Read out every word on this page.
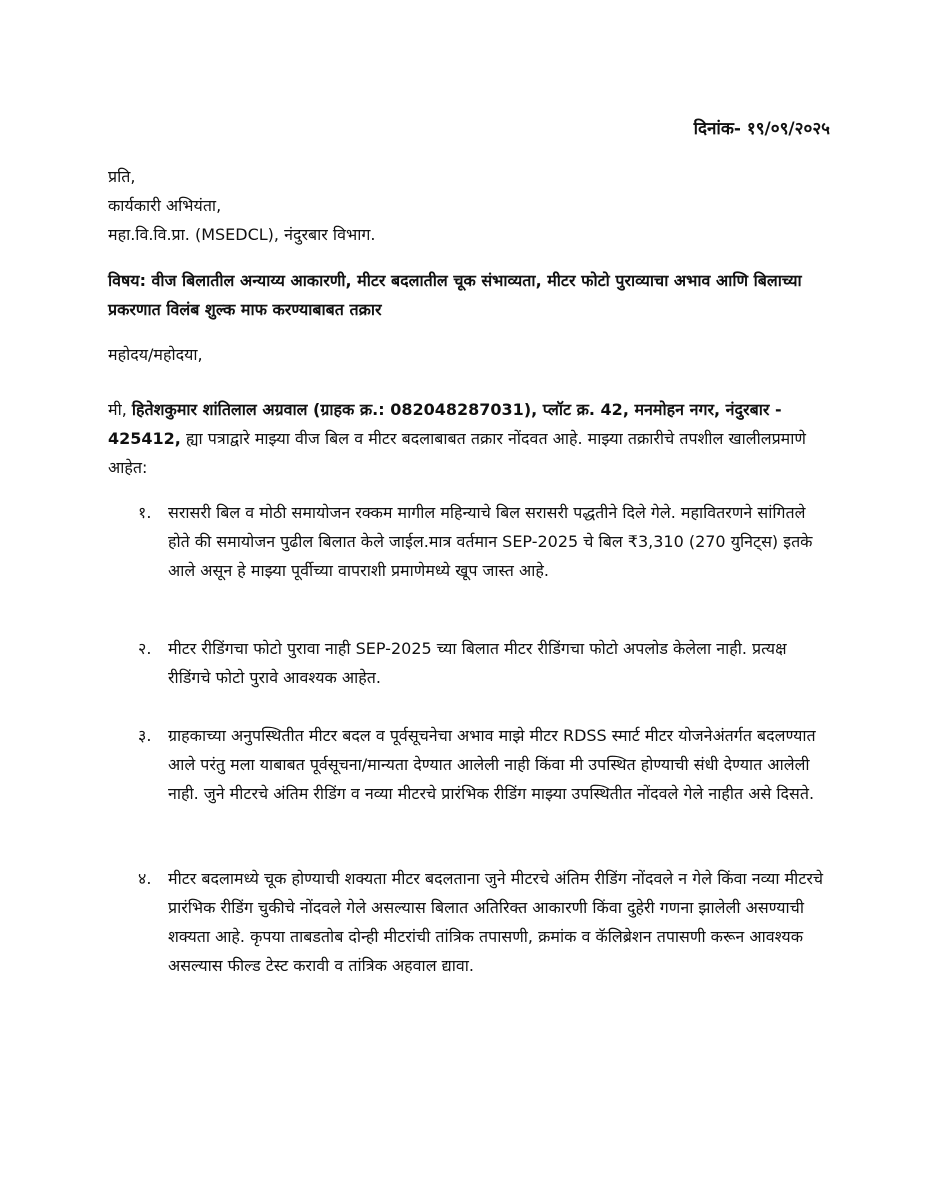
दिनांक- १९/०९/२०२५
प्रति,
कार्यकारी अभियंता,
महा.वि.वि.प्रा. (MSEDCL), नंदुरबार विभाग.
विषय: वीज बिलातील अन्याय्य आकारणी, मीटर बदलातील चूक संभाव्यता, मीटर फोटो पुराव्याचा अभाव आणि बिलाच्या प्रकरणात विलंब शुल्क माफ करण्याबाबत तक्रार
महोदय/महोदया,
मी, हितेशकुमार शांतिलाल अग्रवाल (ग्राहक क्र.: 082048287031), प्लॉट क्र. 42, मनमोहन नगर, नंदुरबार - 425412, ह्या पत्राद्वारे माझ्या वीज बिल व मीटर बदलाबाबत तक्रार नोंदवत आहे. माझ्या तक्रारीचे तपशील खालीलप्रमाणे आहेत:
१. सरासरी बिल व मोठी समायोजन रक्कम मागील महिन्याचे बिल सरासरी पद्धतीने दिले गेले. महावितरणने सांगितले होते की समायोजन पुढील बिलात केले जाईल.मात्र वर्तमान SEP-2025 चे बिल ₹3,310 (270 युनिट्स) इतके आले असून हे माझ्या पूर्वीच्या वापराशी प्रमाणेमध्ये खूप जास्त आहे.
२. मीटर रीडिंगचा फोटो पुरावा नाही SEP-2025 च्या बिलात मीटर रीडिंगचा फोटो अपलोड केलेला नाही. प्रत्यक्ष रीडिंगचे फोटो पुरावे आवश्यक आहेत.
३. ग्राहकाच्या अनुपस्थितीत मीटर बदल व पूर्वसूचनेचा अभाव माझे मीटर RDSS स्मार्ट मीटर योजनेअंतर्गत बदलण्यात आले परंतु मला याबाबत पूर्वसूचना/मान्यता देण्यात आलेली नाही किंवा मी उपस्थित होण्याची संधी देण्यात आलेली नाही. जुने मीटरचे अंतिम रीडिंग व नव्या मीटरचे प्रारंभिक रीडिंग माझ्या उपस्थितीत नोंदवले गेले नाहीत असे दिसते.
४. मीटर बदलामध्ये चूक होण्याची शक्यता मीटर बदलताना जुने मीटरचे अंतिम रीडिंग नोंदवले न गेले किंवा नव्या मीटरचे प्रारंभिक रीडिंग चुकीचे नोंदवले गेले असल्यास बिलात अतिरिक्त आकारणी किंवा दुहेरी गणना झालेली असण्याची शक्यता आहे. कृपया ताबडतोब दोन्ही मीटरांची तांत्रिक तपासणी, क्रमांक व कॅलिब्रेशन तपासणी करून आवश्यक असल्यास फील्ड टेस्ट करावी व तांत्रिक अहवाल द्यावा.
